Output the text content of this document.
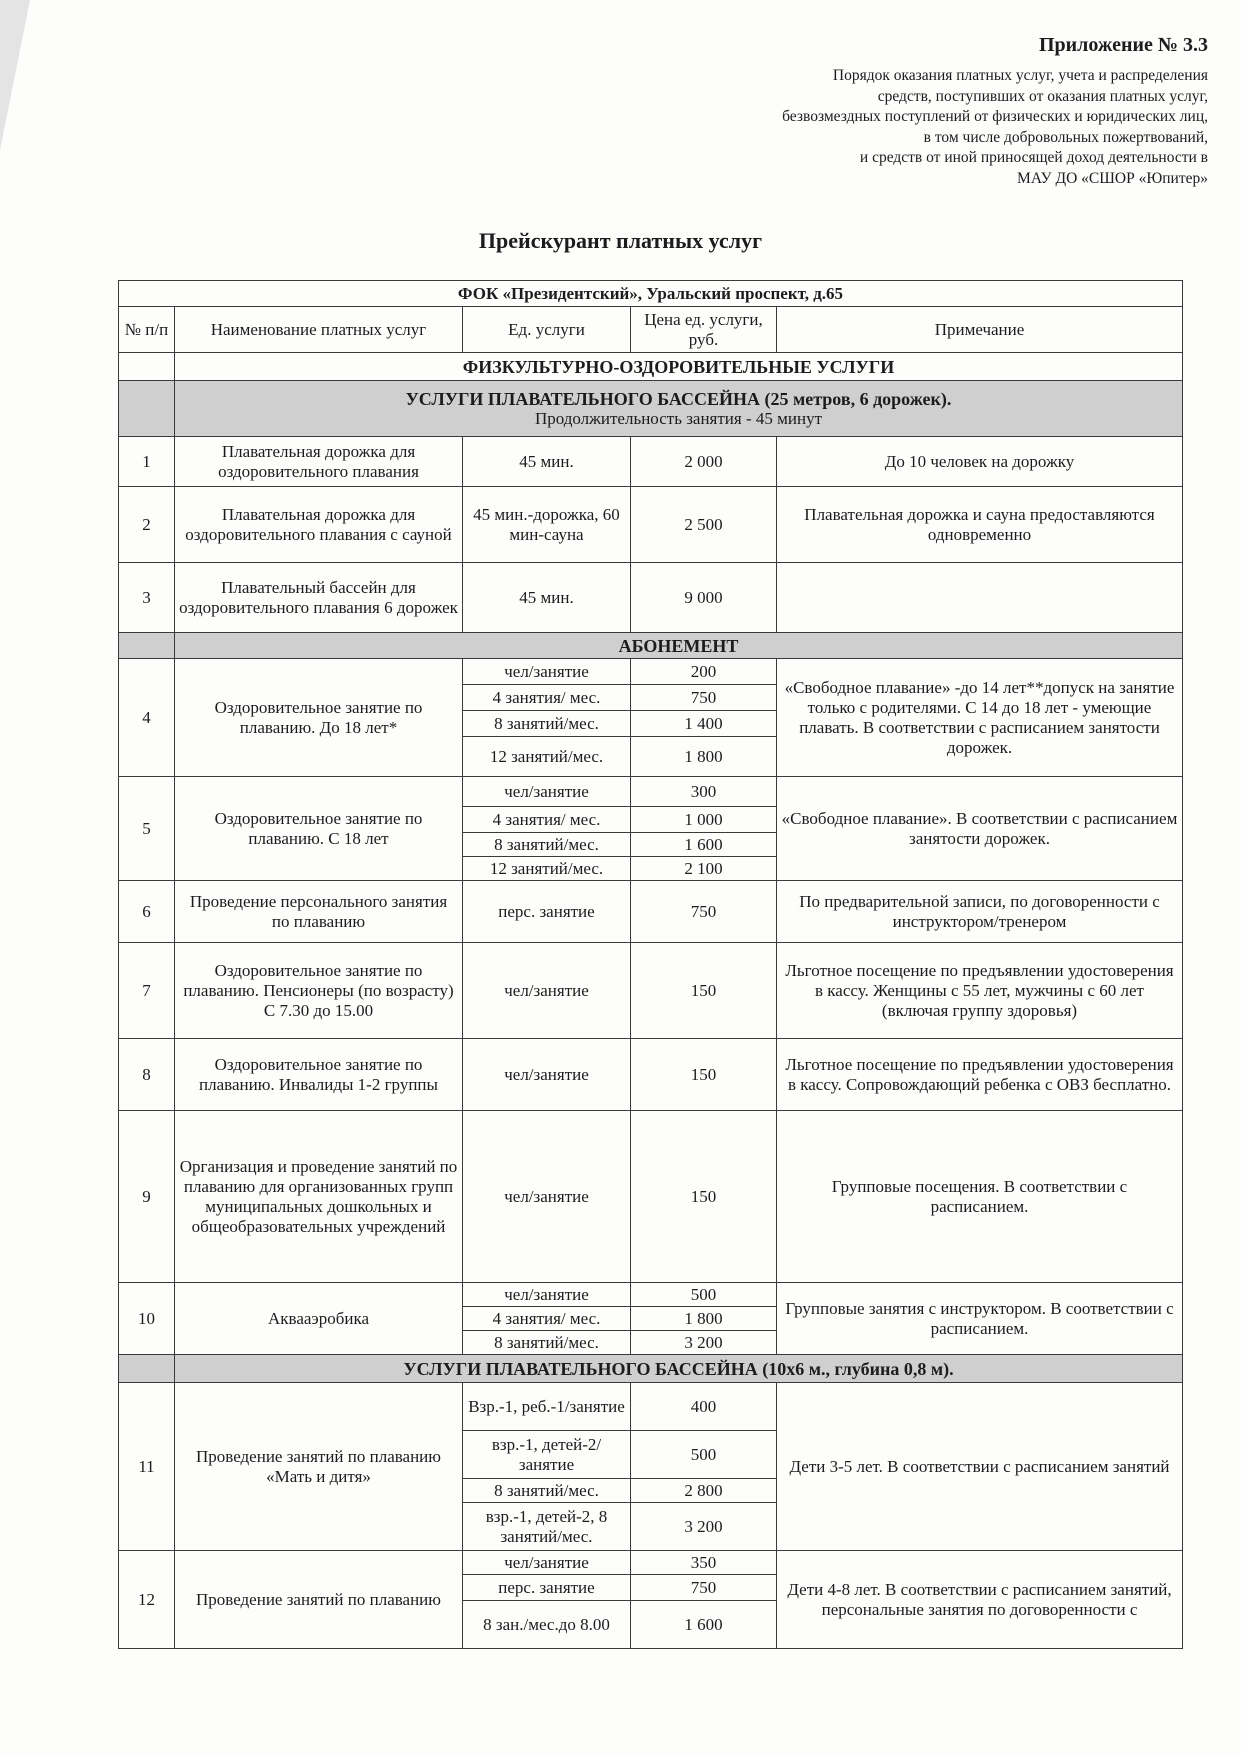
Приложение № 3.3
Порядок оказания платных услуг, учета и распределения
средств, поступивших от оказания платных услуг,
безвозмездных поступлений от физических и юридических лиц,
в том числе добровольных пожертвований,
и средств от иной приносящей доход деятельности в
МАУ ДО «СШОР «Юпитер»
Прейскурант платных услуг
ФОК «Президентский», Уральский проспект, д.65				
№ п/п	Наименование платных услуг	Ед. услуги	Цена ед. услуги, руб.	Примечание
	ФИЗКУЛЬТУРНО-ОЗДОРОВИТЕЛЬНЫЕ УСЛУГИ			

	УСЛУГИ ПЛАВАТЕЛЬНОГО БАССЕЙНА (25 метров, 6 дорожек).
Продолжительность занятия - 45 минут			

1	Плавательная дорожка для оздоровительного плавания	45 мин.	2 000	До 10 человек на дорожку
2	Плавательная дорожка для оздоровительного плавания с сауной	45 мин.-дорожка, 60 мин-сауна	2 500	Плавательная дорожка и сауна предоставляются одновременно
3	Плавательный бассейн для оздоровительного плавания 6 дорожек	45 мин.	9 000	
	АБОНЕМЕНТ			
4	Оздоровительное занятие по плаванию. До 18 лет*	чел/занятие	200	«Свободное плавание» -до 14 лет**допуск на занятие только с родителями. С 14 до 18 лет - умеющие плавать. В соответствии с расписанием занятости дорожек.
		4 занятия/ мес.	750	
		8 занятий/мес.	1 400	
		12 занятий/мес.	1 800	
5	Оздоровительное занятие по плаванию. С 18 лет	чел/занятие	300	«Свободное плавание». В соответствии с расписанием занятости дорожек.
		4 занятия/ мес.	1 000	
		8 занятий/мес.	1 600	
		12 занятий/мес.	2 100	
6	Проведение персонального занятия по плаванию	перс. занятие	750	По предварительной записи, по договоренности с инструктором/тренером
7	Оздоровительное занятие по плаванию. Пенсионеры (по возрасту) С 7.30 до 15.00	чел/занятие	150	Льготное посещение по предъявлении удостоверения в кассу. Женщины с 55 лет, мужчины с 60 лет (включая группу здоровья)
8	Оздоровительное занятие по плаванию. Инвалиды 1-2 группы	чел/занятие	150	Льготное посещение по предъявлении удостоверения в кассу. Сопровождающий ребенка с ОВЗ бесплатно.
9	Организация и проведение занятий по плаванию для организованных групп муниципальных дошкольных и общеобразовательных учреждений	чел/занятие	150	Групповые посещения. В соответствии с расписанием.
10	Аквааэробика	чел/занятие	500	Групповые занятия с инструктором. В соответствии с расписанием.
		4 занятия/ мес.	1 800	
		8 занятий/мес.	3 200	
	УСЛУГИ ПЛАВАТЕЛЬНОГО БАССЕЙНА (10х6 м., глубина 0,8 м).			
11	Проведение занятий по плаванию «Мать и дитя»	Взр.-1, реб.-1/занятие	400	Дети 3-5 лет. В соответствии с расписанием занятий
		взр.-1, детей-2/занятие	500	
		8 занятий/мес.	2 800	
		взр.-1, детей-2, 8 занятий/мес.	3 200	
12	Проведение занятий по плаванию	чел/занятие	350	Дети 4-8 лет. В соответствии с расписанием занятий, персональные занятия по договоренности с
		перс. занятие	750	
		8 зан./мес.до 8.00	1 600	
